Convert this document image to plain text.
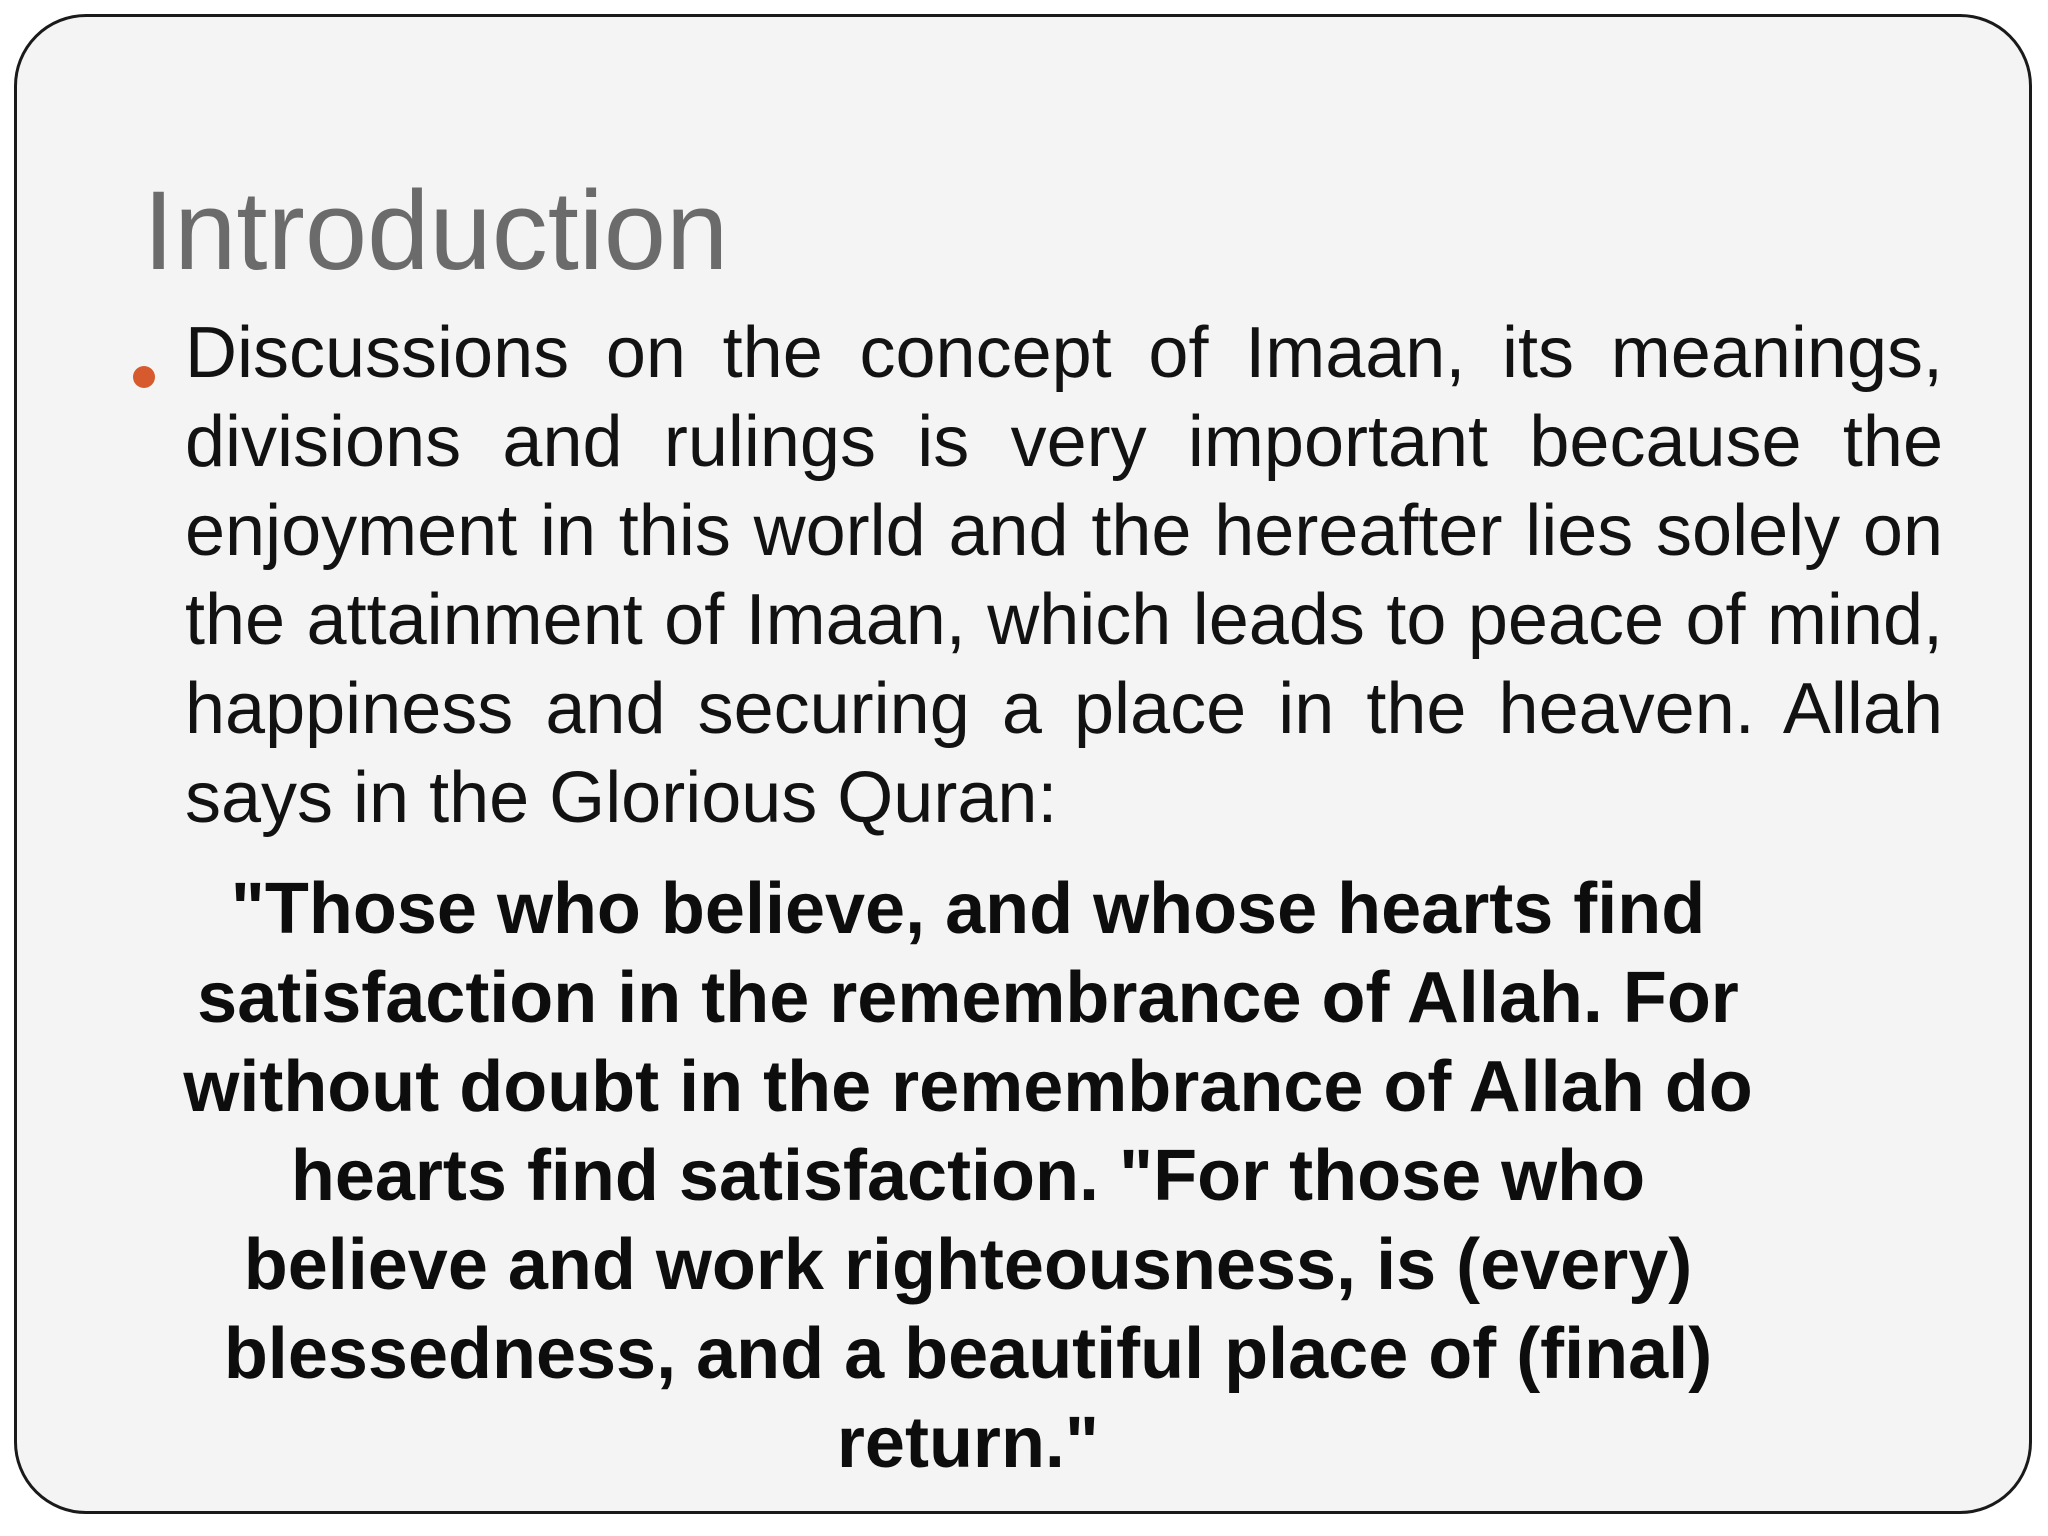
Introduction

Discussions on the concept of Imaan, its meanings, divisions and rulings is very important because the enjoyment in this world and the hereafter lies solely on the attainment of Imaan, which leads to peace of mind, happiness and securing a place in the heaven. Allah says in the Glorious Quran:

"Those who believe, and whose hearts find satisfaction in the remembrance of Allah. For without doubt in the remembrance of Allah do hearts find satisfaction. "For those who believe and work righteousness, is (every) blessedness, and a beautiful place of (final) return."
